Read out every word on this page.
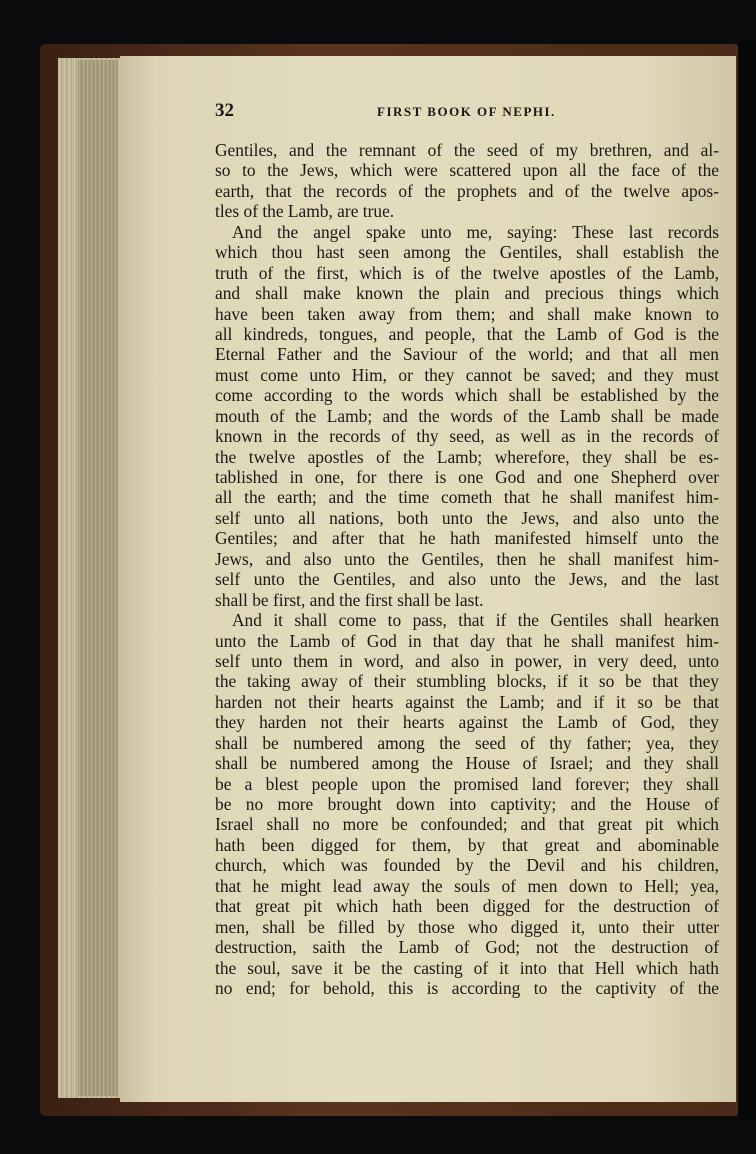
32	FIRST BOOK OF NEPHI.
Gentiles, and the remnant of the seed of my brethren, and al-
so to the Jews, which were scattered upon all the face of the
earth, that the records of the prophets and of the twelve apos-
tles of the Lamb, are true.
And the angel spake unto me, saying: These last records
which thou hast seen among the Gentiles, shall establish the
truth of the first, which is of the twelve apostles of the Lamb,
and shall make known the plain and precious things which
have been taken away from them; and shall make known to
all kindreds, tongues, and people, that the Lamb of God is the
Eternal Father and the Saviour of the world; and that all men
must come unto Him, or they cannot be saved; and they must
come according to the words which shall be established by the
mouth of the Lamb; and the words of the Lamb shall be made
known in the records of thy seed, as well as in the records of
the twelve apostles of the Lamb; wherefore, they shall be es-
tablished in one, for there is one God and one Shepherd over
all the earth; and the time cometh that he shall manifest him-
self unto all nations, both unto the Jews, and also unto the
Gentiles; and after that he hath manifested himself unto the
Jews, and also unto the Gentiles, then he shall manifest him-
self unto the Gentiles, and also unto the Jews, and the last
shall be first, and the first shall be last.
And it shall come to pass, that if the Gentiles shall hearken
unto the Lamb of God in that day that he shall manifest him-
self unto them in word, and also in power, in very deed, unto
the taking away of their stumbling blocks, if it so be that they
harden not their hearts against the Lamb; and if it so be that
they harden not their hearts against the Lamb of God, they
shall be numbered among the seed of thy father; yea, they
shall be numbered among the House of Israel; and they shall
be a blest people upon the promised land forever; they shall
be no more brought down into captivity; and the House of
Israel shall no more be confounded; and that great pit which
hath been digged for them, by that great and abominable
church, which was founded by the Devil and his children,
that he might lead away the souls of men down to Hell; yea,
that great pit which hath been digged for the destruction of
men, shall be filled by those who digged it, unto their utter
destruction, saith the Lamb of God; not the destruction of
the soul, save it be the casting of it into that Hell which hath
no end; for behold, this is according to the captivity of the
